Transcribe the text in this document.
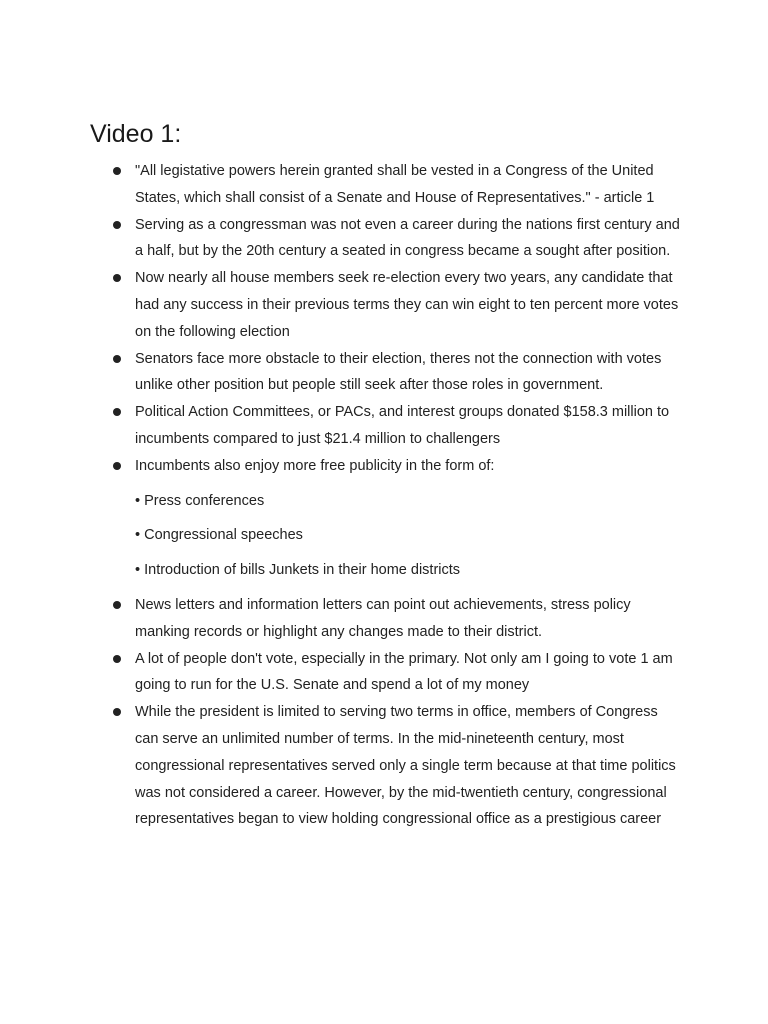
Video 1:
"All legistative powers herein granted shall be vested in a Congress of the United States, which shall consist of a Senate and House of Representatives." - article 1
Serving as a congressman was not even a career during the nations first century and a half, but by the 20th century a seated in congress became a sought after position.
Now nearly all house members seek re-election every two years, any candidate that had any success in their previous terms they can win eight to ten percent more votes on the following election
Senators face more obstacle to their election, theres not the connection with votes unlike other position but people still seek after those roles in government.
Political Action Committees, or PACs, and interest groups donated $158.3 million to incumbents compared to just $21.4 million to challengers
Incumbents also enjoy more free publicity in the form of:
• Press conferences
• Congressional speeches
• Introduction of bills Junkets in their home districts
News letters and information letters can point out achievements, stress policy manking records or highlight any changes made to their district.
A lot of people don't vote, especially in the primary. Not only am I going to vote 1 am going to run for the U.S. Senate and spend a lot of my money
While the president is limited to serving two terms in office, members of Congress can serve an unlimited number of terms. In the mid-nineteenth century, most congressional representatives served only a single term because at that time politics was not considered a career. However, by the mid-twentieth century, congressional representatives began to view holding congressional office as a prestigious career
